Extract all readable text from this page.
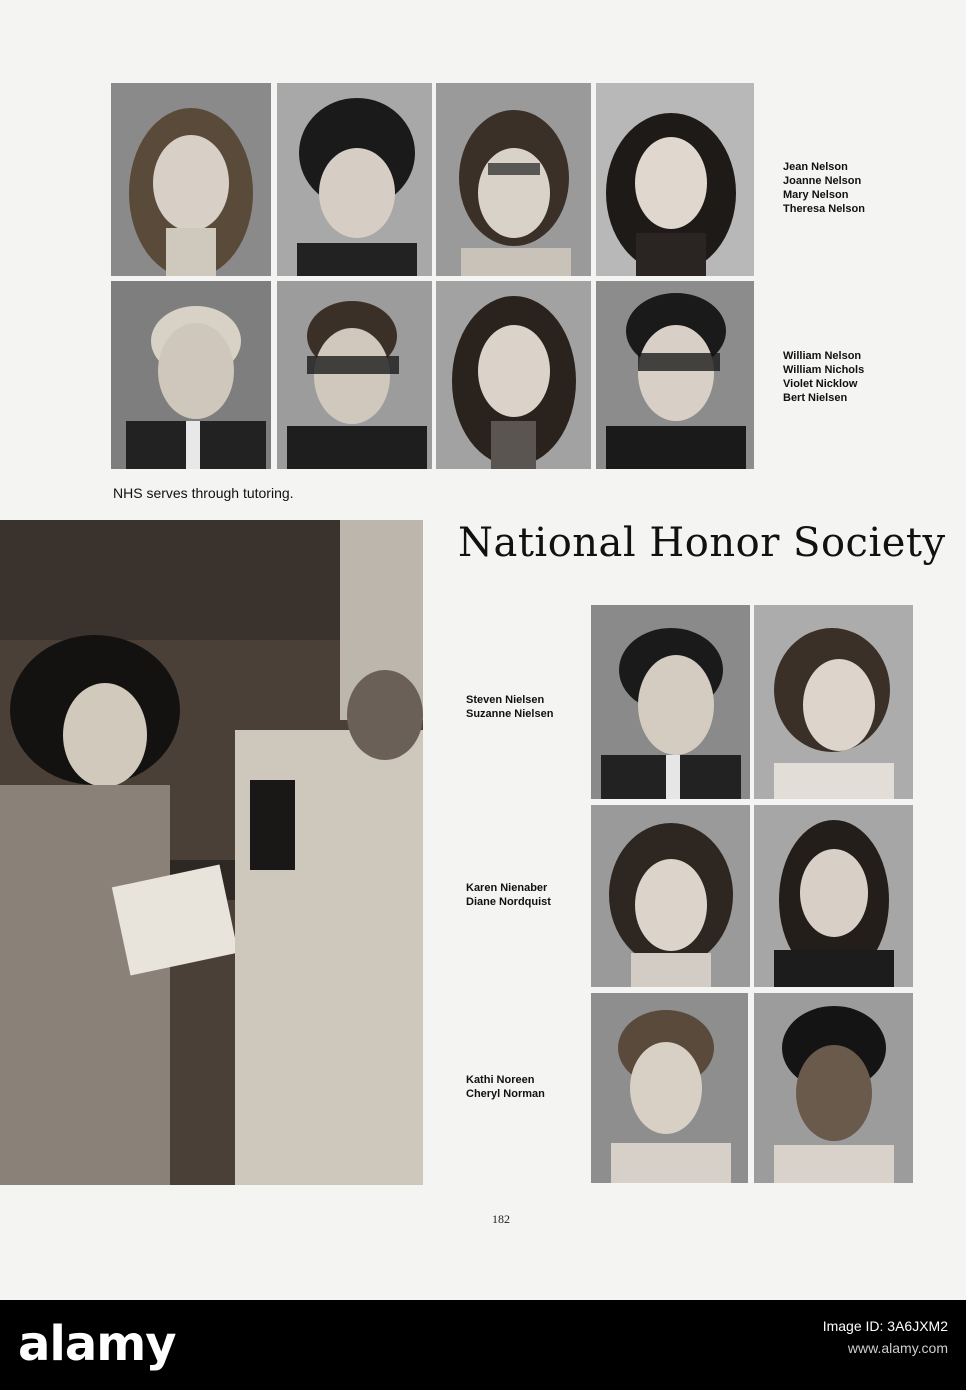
Jean Nelson
Joanne Nelson
Mary Nelson
Theresa Nelson
William Nelson
William Nichols
Violet Nicklow
Bert Nielsen
NHS serves through tutoring.
National Honor Society
Steven Nielsen
Suzanne Nielsen
Karen Nienaber
Diane Nordquist
Kathi Noreen
Cheryl Norman
182
alamy	Image ID: 3A6JXM2
www.alamy.com
